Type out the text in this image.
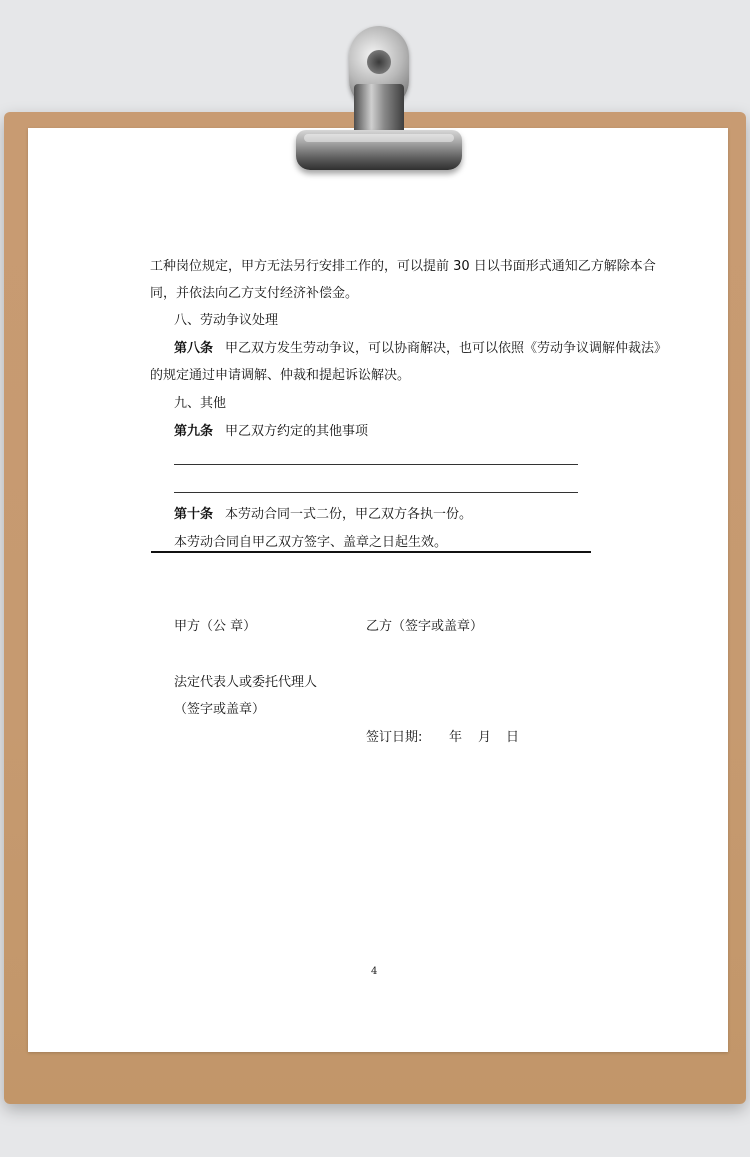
工种岗位规定，甲方无法另行安排工作的，可以提前 30 日以书面形式通知乙方解除本合
同，并依法向乙方支付经济补偿金。
八、劳动争议处理
第八条 甲乙双方发生劳动争议，可以协商解决，也可以依照《劳动争议调解仲裁法》
的规定通过申请调解、仲裁和提起诉讼解决。
九、其他
第九条 甲乙双方约定的其他事项
第十条 本劳动合同一式二份，甲乙双方各执一份。
本劳动合同自甲乙双方签字、盖章之日起生效。
甲方（公 章）	乙方（签字或盖章）
法定代表人或委托代理人
（签字或盖章）
签订日期: 年 月 日
4
